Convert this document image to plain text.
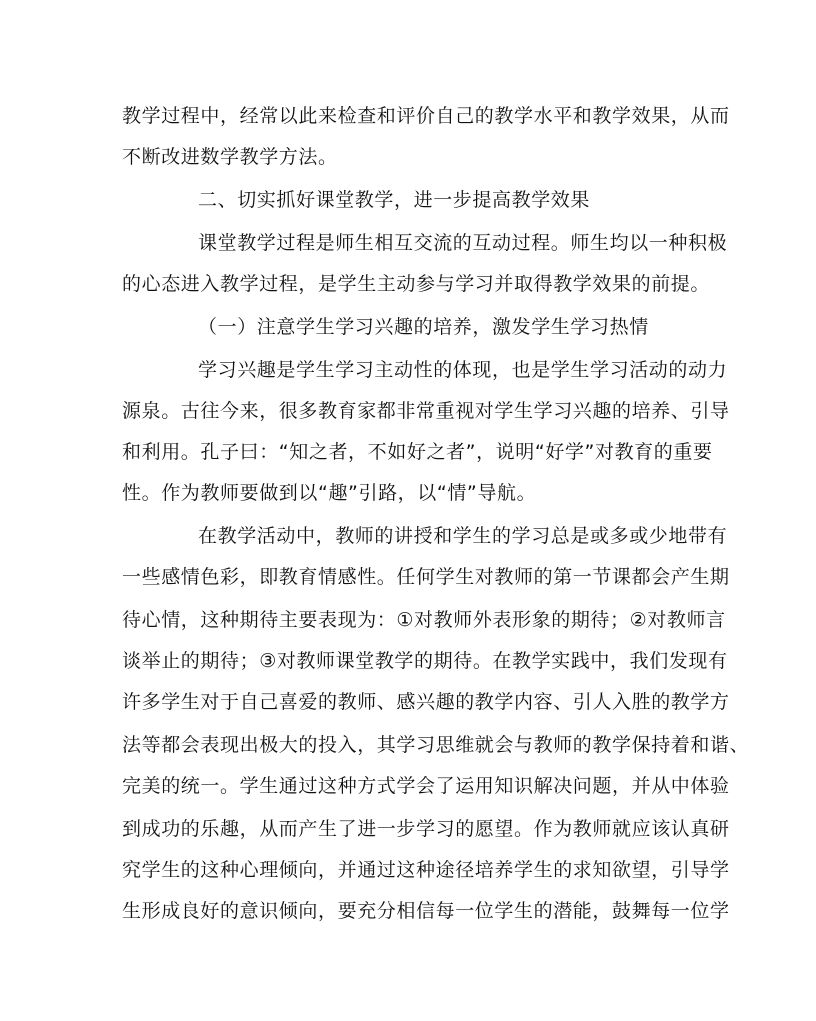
教学过程中，经常以此来检查和评价自己的教学水平和教学效果，从而

不断改进数学教学方法。

二、切实抓好课堂教学，进一步提高教学效果

课堂教学过程是师生相互交流的互动过程。师生均以一种积极

的心态进入教学过程，是学生主动参与学习并取得教学效果的前提。

（一）注意学生学习兴趣的培养，激发学生学习热情

学习兴趣是学生学习主动性的体现，也是学生学习活动的动力

源泉。古往今来，很多教育家都非常重视对学生学习兴趣的培养、引导

和利用。孔子曰：“知之者，不如好之者”，说明“好学”对教育的重要

性。作为教师要做到以“趣”引路，以“情”导航。

在教学活动中，教师的讲授和学生的学习总是或多或少地带有

一些感情色彩，即教育情感性。任何学生对教师的第一节课都会产生期

待心情，这种期待主要表现为：①对教师外表形象的期待；②对教师言

谈举止的期待；③对教师课堂教学的期待。在教学实践中，我们发现有

许多学生对于自己喜爱的教师、感兴趣的教学内容、引人入胜的教学方

法等都会表现出极大的投入，其学习思维就会与教师的教学保持着和谐、

完美的统一。学生通过这种方式学会了运用知识解决问题，并从中体验

到成功的乐趣，从而产生了进一步学习的愿望。作为教师就应该认真研

究学生的这种心理倾向，并通过这种途径培养学生的求知欲望，引导学

生形成良好的意识倾向，要充分相信每一位学生的潜能，鼓舞每一位学
